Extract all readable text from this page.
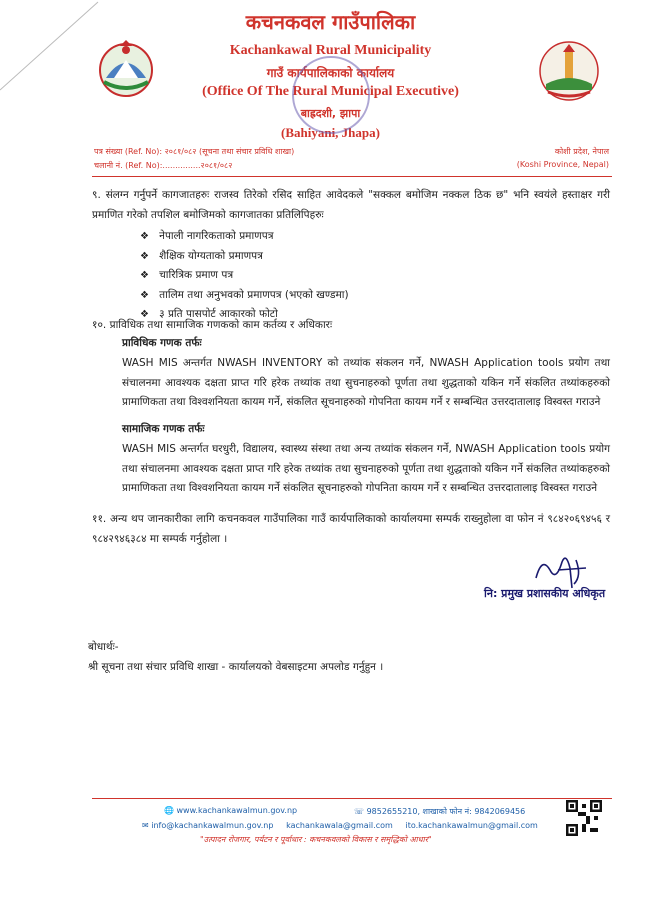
कचनकवल गाउँपालिका
Kachankawal Rural Municipality
गाउँ कार्यपालिकाको कार्यालय
(Office Of The Rural Municipal Executive)
बाह्रदशी, झापा
(Bahiyani, Jhapa)
पत्र संख्या (Ref. No): २०८१/०८२ (सूचना तथा संचार प्रविधि शाखा)
चलानी नं. (Ref. No):...............२०८१/०८२
कोशी प्रदेश, नेपाल
(Koshi Province, Nepal)
९. संलग्न गर्नुपर्ने कागजातहरुः राजस्व तिरेको रसिद साहित आवेदकले "सक्कल बमोजिम नक्कल ठिक छ" भनि स्वयंले हस्ताक्षर गरी प्रमाणित गरेको तपशिल बमोजिमको कागजातका प्रतिलिपिहरुः
❖ नेपाली नागरिकताको प्रमाणपत्र
❖ शैक्षिक योग्यताको प्रमाणपत्र
❖ चारित्रिक प्रमाण पत्र
❖ तालिम तथा अनुभवको प्रमाणपत्र (भएको खण्डमा)
❖ ३ प्रति पासपोर्ट आकारको फोटो
१०. प्राविधिक तथा सामाजिक गणकको काम कर्तव्य र अधिकारः
प्राविधिक गणक तर्फः
WASH MIS अन्तर्गत NWASH INVENTORY को तथ्यांक संकलन गर्ने, NWASH Application tools प्रयोग तथा संचालनमा आवश्यक दक्षता प्राप्त गरि हरेक तथ्यांक तथा सुचनाहरुको पूर्णता तथा शुद्धताको यकिन गर्ने संकलित तथ्यांकहरुको प्रामाणिकता तथा विश्वशनियता कायम गर्ने, संकलित सूचनाहरुको गोपनिता कायम गर्ने र सम्बन्धित उत्तरदातालाइ विस्वस्त गराउने
सामाजिक गणक तर्फः
WASH MIS अन्तर्गत घरधुरी, विद्यालय, स्वास्थ्य संस्था तथा अन्य तथ्यांक संकलन गर्ने, NWASH Application tools प्रयोग तथा संचालनमा आवश्यक दक्षता प्राप्त गरि हरेक तथ्यांक तथा सुचनाहरुको पूर्णता तथा शुद्धताको यकिन गर्ने संकलित तथ्यांकहरुको प्रामाणिकता तथा विश्वशनियता कायम गर्ने संकलित सूचनाहरुको गोपनिता कायम गर्ने र सम्बन्धित उत्तरदातालाइ विस्वस्त गराउने
११. अन्य थप जानकारीका लागि कचनकवल गाउँपालिका गाउँ कार्यपालिकाको कार्यालयमा सम्पर्क राख्नुहोला वा फोन नं ९८४२०६९४५६ र ९८४२९४६३८४ मा सम्पर्क गर्नुहोला ।
नि: प्रमुख प्रशासकीय अधिकृत
बोधार्थः-
श्री सूचना तथा संचार प्रविधि शाखा - कार्यालयको वेबसाइटमा अपलोड गर्नुहुन ।
🌐 www.kachankawalmun.gov.np	☏ 9852655210, शाखाको फोन नं: 9842069456
✉ info@kachankawalmun.gov.np kachankawala@gmail.com ito.kachankawalmun@gmail.com
"उत्पादन रोजगार, पर्यटन र पूर्वाधार : कचनकवलको विकास र समृद्धिको आधार"
